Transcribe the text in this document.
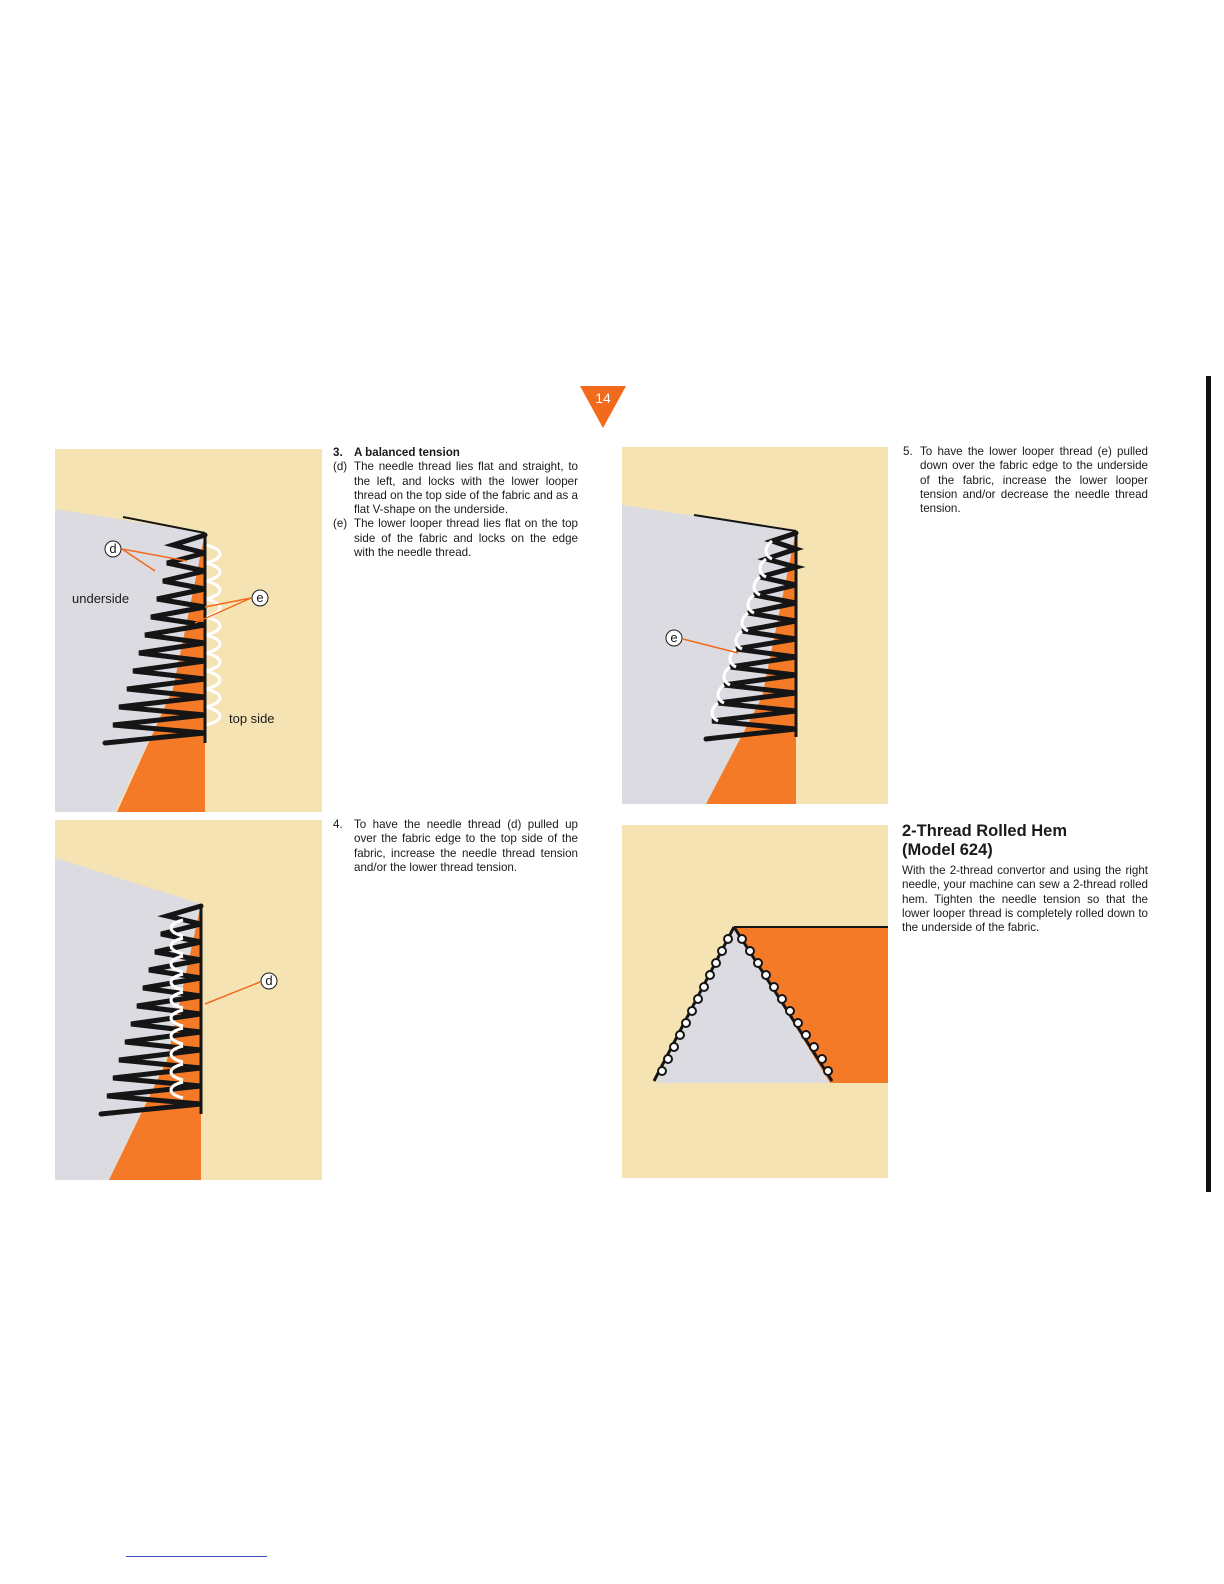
14
d
e
underside
top side
d
e
3. A balanced tension
(d) The needle thread lies flat and straight, to the left, and locks with the lower looper thread on the top side of the fabric and as a flat V-shape on the underside.
(e) The lower looper thread lies flat on the top side of the fabric and locks on the edge with the needle thread.
4. To have the needle thread (d) pulled up over the fabric edge to the top side of the fabric, increase the needle thread tension and/or the lower thread tension.
5. To have the lower looper thread (e) pulled down over the fabric edge to the underside of the fabric, increase the lower looper tension and/or decrease the needle thread tension.
2-Thread Rolled Hem
(Model 624)

With the 2-thread convertor and using the right needle, your machine can sew a 2-thread rolled hem. Tighten the needle tension so that the lower looper thread is completely rolled down to the underside of the fabric.
